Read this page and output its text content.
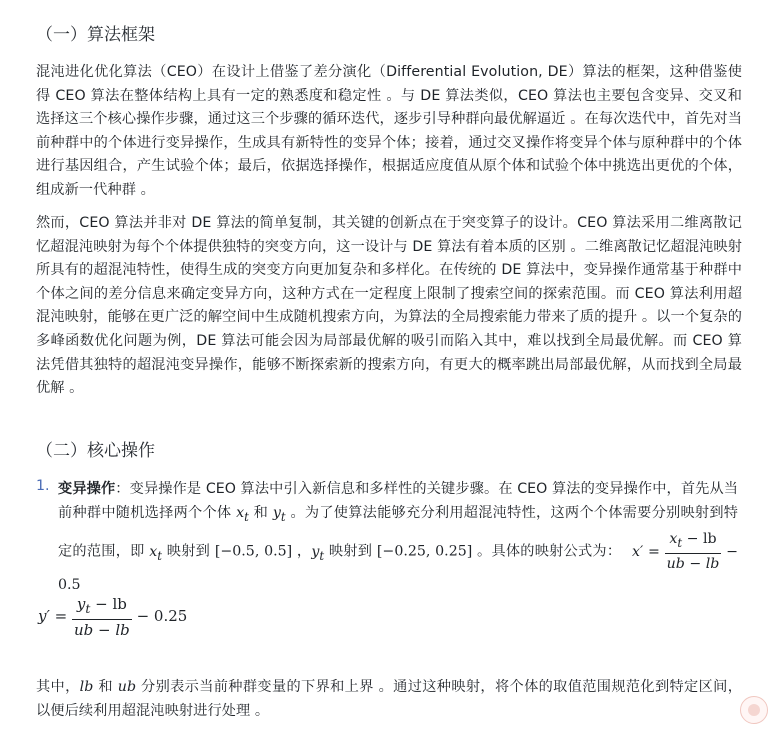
（一）算法框架
混沌进化优化算法（CEO）在设计上借鉴了差分演化（Differential Evolution, DE）算法的框架，这种借鉴使得 CEO 算法在整体结构上具有一定的熟悉度和稳定性 。与 DE 算法类似，CEO 算法也主要包含变异、交叉和选择这三个核心操作步骤，通过这三个步骤的循环迭代，逐步引导种群向最优解逼近 。在每次迭代中，首先对当前种群中的个体进行变异操作，生成具有新特性的变异个体；接着，通过交叉操作将变异个体与原种群中的个体进行基因组合，产生试验个体；最后，依据选择操作，根据适应度值从原个体和试验个体中挑选出更优的个体，组成新一代种群 。
然而，CEO 算法并非对 DE 算法的简单复制，其关键的创新点在于突变算子的设计。CEO 算法采用二维离散记忆超混沌映射为每个个体提供独特的突变方向，这一设计与 DE 算法有着本质的区别 。二维离散记忆超混沌映射所具有的超混沌特性，使得生成的突变方向更加复杂和多样化。在传统的 DE 算法中，变异操作通常基于种群中个体之间的差分信息来确定变异方向，这种方式在一定程度上限制了搜索空间的探索范围。而 CEO 算法利用超混沌映射，能够在更广泛的解空间中生成随机搜索方向，为算法的全局搜索能力带来了质的提升 。以一个复杂的多峰函数优化问题为例，DE 算法可能会因为局部最优解的吸引而陷入其中，难以找到全局最优解。而 CEO 算法凭借其独特的超混沌变异操作，能够不断探索新的搜索方向，有更大的概率跳出局部最优解，从而找到全局最优解 。
（二）核心操作
1. 变异操作：变异操作是 CEO 算法中引入新信息和多样性的关键步骤。在 CEO 算法的变异操作中，首先从当前种群中随机选择两个个体 $x_t$ 和 $y_t$ 。为了使算法能够充分利用超混沌特性，这两个个体需要分别映射到特定的范围，即 $x_t$ 映射到 [−0.5, 0.5] ，$y_t$ 映射到 [−0.25, 0.25] 。具体的映射公式为： $x' = \frac{x_t - lb}{ub - lb} - 0.5$
$y' = \frac{y_t - lb}{ub - lb} - 0.25$
其中，lb 和 ub 分别表示当前种群变量的下界和上界 。通过这种映射，将个体的取值范围规范化到特定区间，以便后续利用超混沌映射进行处理 。
